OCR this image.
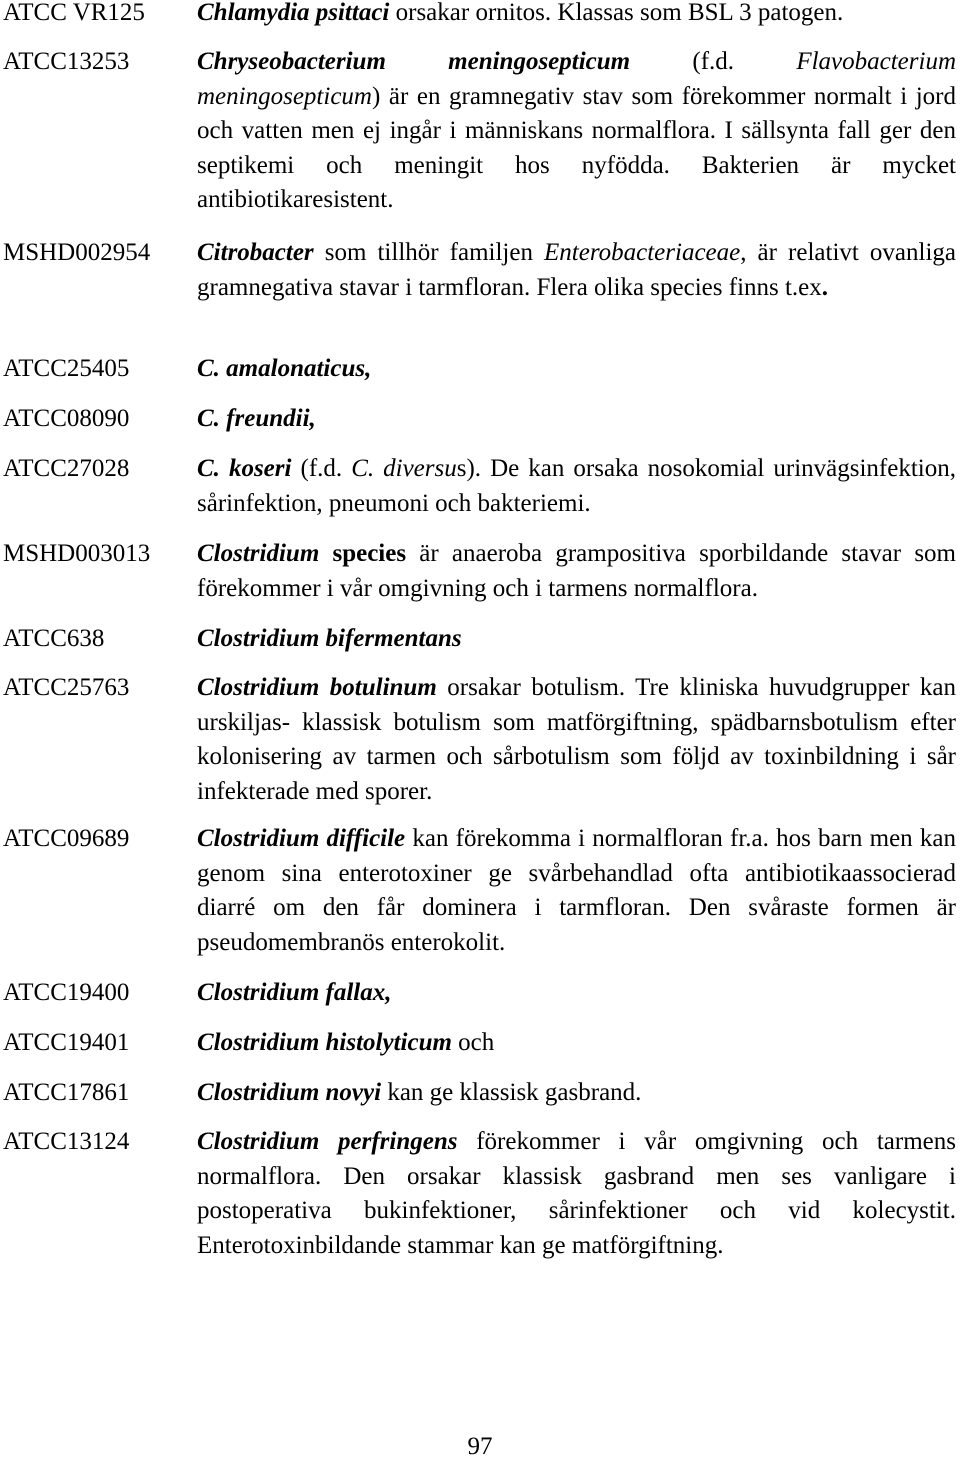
ATCC VR125	Chlamydia psittaci orsakar ornitos. Klassas som BSL 3 patogen.
ATCC13253	Chryseobacterium meningosepticum (f.d. Flavobacterium meningosepticum) är en gramnegativ stav som förekommer normalt i jord och vatten men ej ingår i människans normalflora. I sällsynta fall ger den septikemi och meningit hos nyfödda. Bakterien är mycket antibiotikaresistent.
MSHD002954	Citrobacter som tillhör familjen Enterobacteriaceae, är relativt ovanliga gramnegativa stavar i tarmfloran. Flera olika species finns t.ex.
ATCC25405	C. amalonaticus,
ATCC08090	C. freundii,
ATCC27028	C. koseri (f.d. C. diversus). De kan orsaka nosokomial urinvägsinfektion, sårinfektion, pneumoni och bakteriemi.
MSHD003013	Clostridium species är anaeroba grampositiva sporbildande stavar som förekommer i vår omgivning och i tarmens normalflora.
ATCC638	Clostridium bifermentans
ATCC25763	Clostridium botulinum orsakar botulism. Tre kliniska huvudgrupper kan urskiljas- klassisk botulism som matförgiftning, spädbarnsbotulism efter kolonisering av tarmen och sårbotulism som följd av toxinbildning i sår infekterade med sporer.
ATCC09689	Clostridium difficile kan förekomma i normalfloran fr.a. hos barn men kan genom sina enterotoxiner ge svårbehandlad ofta antibiotikaassocierad diarré om den får dominera i tarmfloran. Den svåraste formen är pseudomembranös enterokolit.
ATCC19400	Clostridium fallax,
ATCC19401	Clostridium histolyticum och
ATCC17861	Clostridium novyi kan ge klassisk gasbrand.
ATCC13124	Clostridium perfringens förekommer i vår omgivning och tarmens normalflora. Den orsakar klassisk gasbrand men ses vanligare i postoperativa bukinfektioner, sårinfektioner och vid kolecystit. Enterotoxinbildande stammar kan ge matförgiftning.
97
